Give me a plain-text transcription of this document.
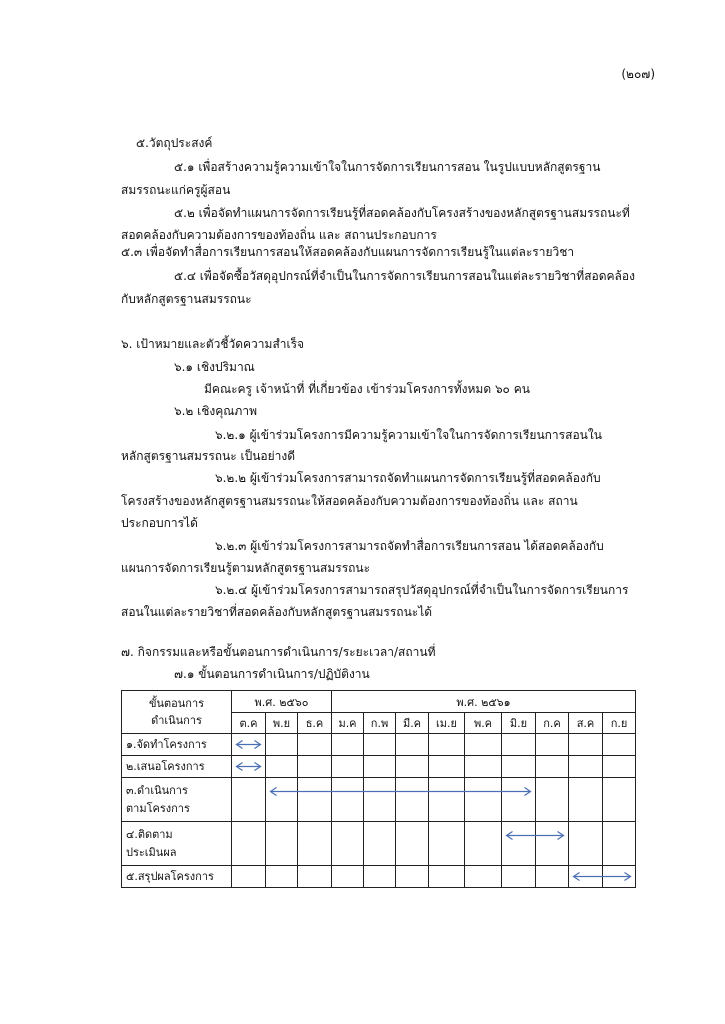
(๒๐๗)
๕.วัตถุประสงค์
๕.๑ เพื่อสร้างความรู้ความเข้าใจในการจัดการเรียนการสอน ในรูปแบบหลักสูตรฐาน
สมรรถนะแก่ครูผู้สอน
๕.๒ เพื่อจัดทำแผนการจัดการเรียนรู้ที่สอดคล้องกับโครงสร้างของหลักสูตรฐานสมรรถนะที่
สอดคล้องกับความต้องการของท้องถิ่น และ สถานประกอบการ
๕.๓ เพื่อจัดทำสื่อการเรียนการสอนให้สอดคล้องกับแผนการจัดการเรียนรู้ในแต่ละรายวิชา
๕.๔ เพื่อจัดซื้อวัสดุอุปกรณ์ที่จำเป็นในการจัดการเรียนการสอนในแต่ละรายวิชาที่สอดคล้อง
กับหลักสูตรฐานสมรรถนะ
๖. เป้าหมายและตัวชี้วัดความสำเร็จ
๖.๑ เชิงปริมาณ
มีคณะครู เจ้าหน้าที่ ที่เกี่ยวข้อง เข้าร่วมโครงการทั้งหมด ๖๐ คน
๖.๒ เชิงคุณภาพ
๖.๒.๑ ผู้เข้าร่วมโครงการมีความรู้ความเข้าใจในการจัดการเรียนการสอนใน
หลักสูตรฐานสมรรถนะ เป็นอย่างดี
๖.๒.๒ ผู้เข้าร่วมโครงการสามารถจัดทำแผนการจัดการเรียนรู้ที่สอดคล้องกับ
โครงสร้างของหลักสูตรฐานสมรรถนะให้สอดคล้องกับความต้องการของท้องถิ่น และ สถาน
ประกอบการได้
๖.๒.๓ ผู้เข้าร่วมโครงการสามารถจัดทำสื่อการเรียนการสอน ได้สอดคล้องกับ
แผนการจัดการเรียนรู้ตามหลักสูตรฐานสมรรถนะ
๖.๒.๔ ผู้เข้าร่วมโครงการสามารถสรุปวัสดุอุปกรณ์ที่จำเป็นในการจัดการเรียนการ
สอนในแต่ละรายวิชาที่สอดคล้องกับหลักสูตรฐานสมรรถนะได้
๗. กิจกรรมและหรือขั้นตอนการดำเนินการ/ระยะเวลา/สถานที่
๗.๑ ขั้นตอนการดำเนินการ/ปฏิบัติงาน
ขั้นตอนการ
ดำเนินการ	พ.ศ. ๒๕๖๐			พ.ศ. ๒๕๖๑								
	ต.ค	พ.ย	ธ.ค	ม.ค	ก.พ	มี.ค	เม.ย	พ.ค	มิ.ย	ก.ค	ส.ค	ก.ย
๑.จัดทำโครงการ												
๒.เสนอโครงการ												

๓.ดำเนินการ
ตามโครงการ												

๔.ติดตาม
ประเมินผล												

๕.สรุปผลโครงการ												
